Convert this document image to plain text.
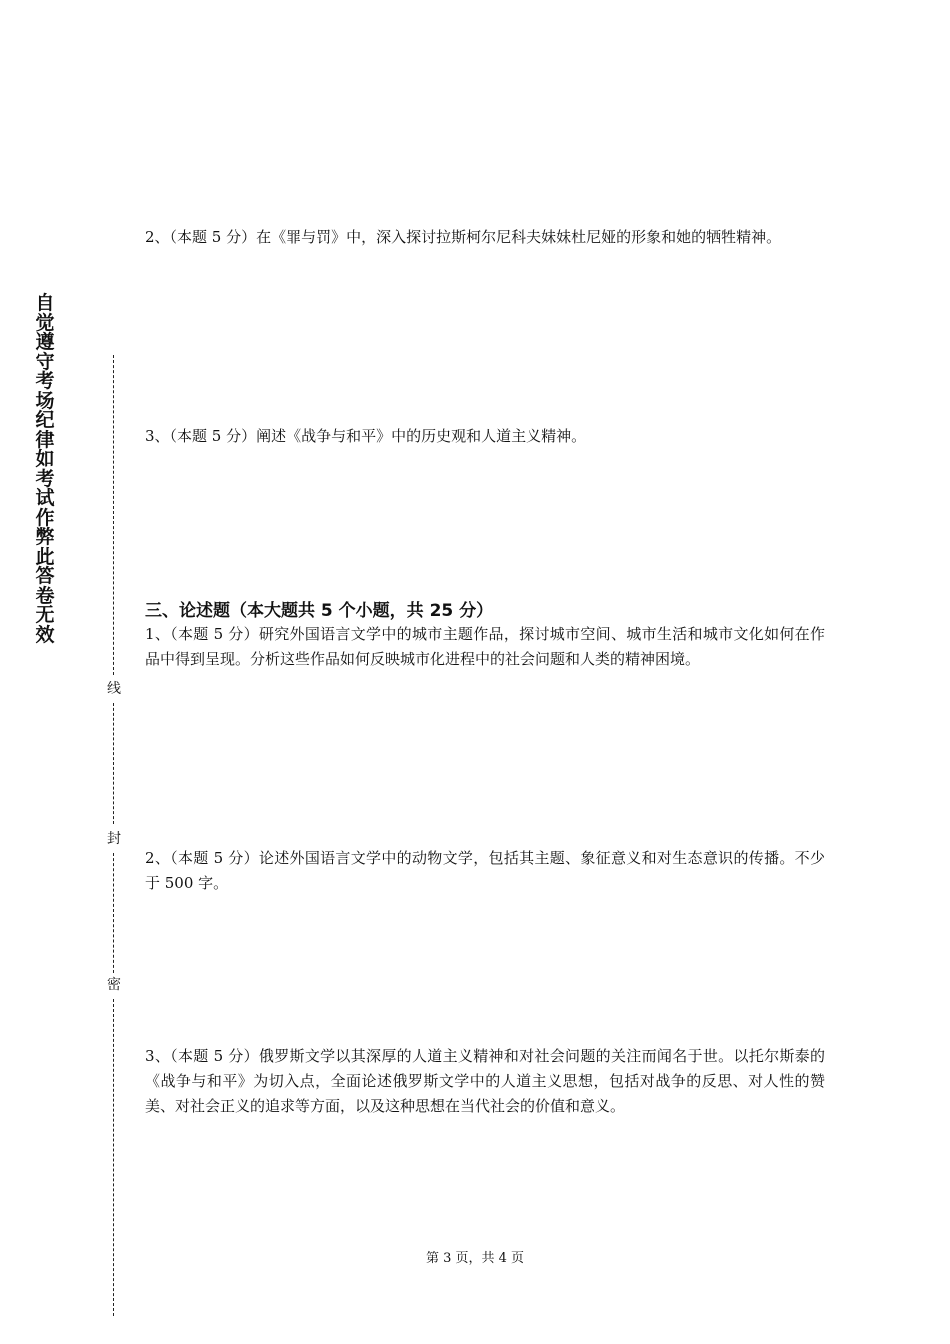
自觉遵守考场纪律如考试作弊此答卷无效
线
封
密

2、（本题 5 分）在《罪与罚》中，深入探讨拉斯柯尔尼科夫妹妹杜尼娅的形象和她的牺牲精神。

3、（本题 5 分）阐述《战争与和平》中的历史观和人道主义精神。

三、论述题（本大题共 5 个小题，共 25 分）

1、（本题 5 分）研究外国语言文学中的城市主题作品，探讨城市空间、城市生活和城市文化如何在作品中得到呈现。分析这些作品如何反映城市化进程中的社会问题和人类的精神困境。

2、（本题 5 分）论述外国语言文学中的动物文学，包括其主题、象征意义和对生态意识的传播。不少于 500 字。

3、（本题 5 分）俄罗斯文学以其深厚的人道主义精神和对社会问题的关注而闻名于世。以托尔斯泰的《战争与和平》为切入点，全面论述俄罗斯文学中的人道主义思想，包括对战争的反思、对人性的赞美、对社会正义的追求等方面，以及这种思想在当代社会的价值和意义。

第 3 页，共 4 页
